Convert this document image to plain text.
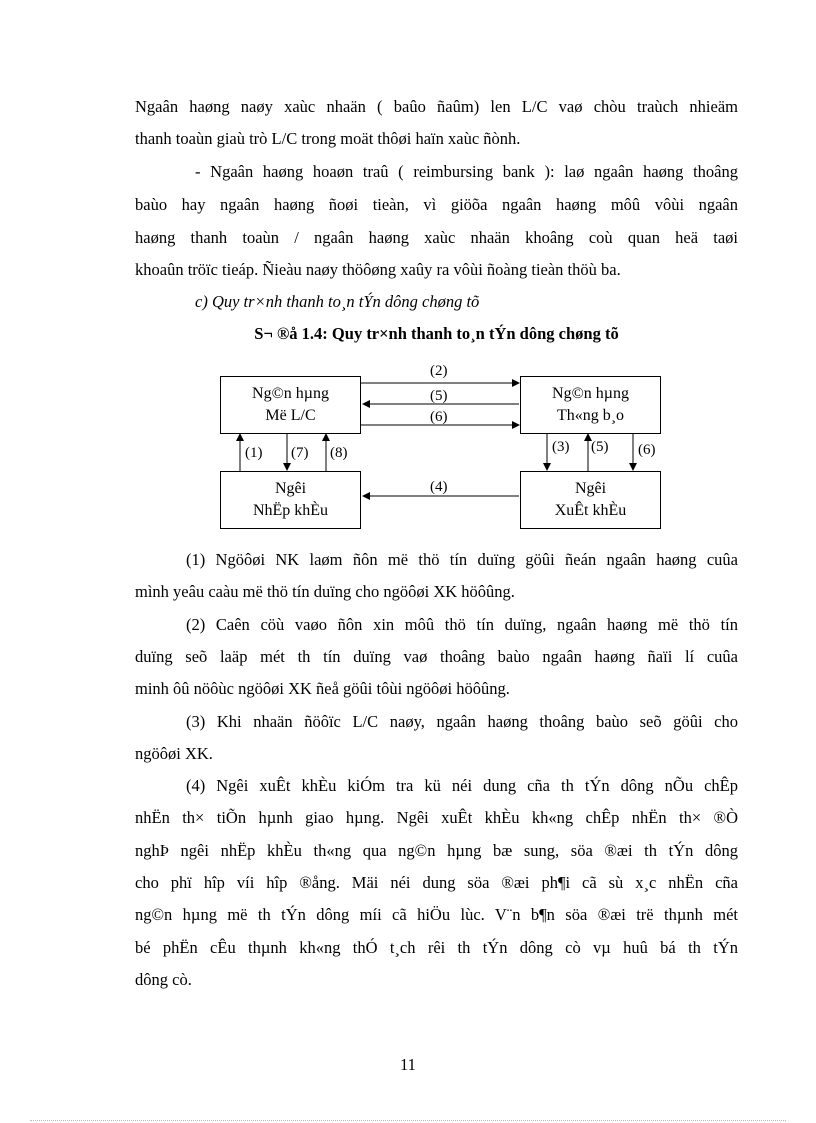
Ngaân haøng naøy xaùc nhaän ( baûo ñaûm) len L/C vaø chòu traùch nhieäm
thanh toaùn giaù trò L/C trong moät thôøi haïn xaùc ñònh.
- Ngaân haøng hoaøn traû ( reimbursing bank ): laø ngaân haøng thoâng
baùo hay ngaân haøng ñoøi tieàn, vì giöõa ngaân haøng môû vôùi ngaân
haøng thanh toaùn / ngaân haøng xaùc nhaän khoâng coù quan heä taøi
khoaûn tröïc tieáp. Ñieàu naøy thöôøng xaûy ra vôùi ñoàng tieàn thöù ba.
c) Quy tr×nh thanh to¸n tÝn dông chøng tõ
S¬ ®å 1.4: Quy tr×nh thanh to¸n tÝn dông chøng tõ
Ng©n hµng
Më L/C
Ng©n hµng
Th«ng b¸o
Ngêi
NhËp khÈu
Ngêi
XuÊt khÈu
(2)
(5)
(6)
(4)
(1) (7) (8)	(3) (5) (6)
(1) Ngöôøi NK laøm ñôn më thö tín duïng göûi ñeán ngaân haøng cuûa
mình yeâu caàu më thö tín duïng cho ngöôøi XK höôûng.
(2) Caên cöù vaøo ñôn xin môû thö tín duïng, ngaân haøng më thö tín
duïng seõ laäp mét th tín duïng vaø thoâng baùo ngaân haøng ñaïi lí cuûa
minh ôû nöôùc ngöôøi XK ñeå göûi tôùi ngöôøi höôûng.
(3) Khi nhaän ñöôïc L/C naøy, ngaân haøng thoâng baùo seõ göûi cho
ngöôøi XK.
(4) Ngêi xuÊt khÈu kiÓm tra kü néi dung cña th tÝn dông nÕu chÊp
nhËn th× tiÕn hµnh giao hµng. Ngêi xuÊt khÈu kh«ng chÊp nhËn th× ®Ò
nghÞ ngêi nhËp khÈu th«ng qua ng©n hµng bæ sung, söa ®æi th tÝn dông
cho phï hîp víi hîp ®ång. Mäi néi dung söa ®æi ph¶i cã sù x¸c nhËn cña
ng©n hµng më th tÝn dông míi cã hiÖu lùc. V¨n b¶n söa ®æi trë thµnh mét
bé phËn cÊu thµnh kh«ng thÓ t¸ch rêi th tÝn dông cò vµ huû bá th tÝn
dông cò.
11
